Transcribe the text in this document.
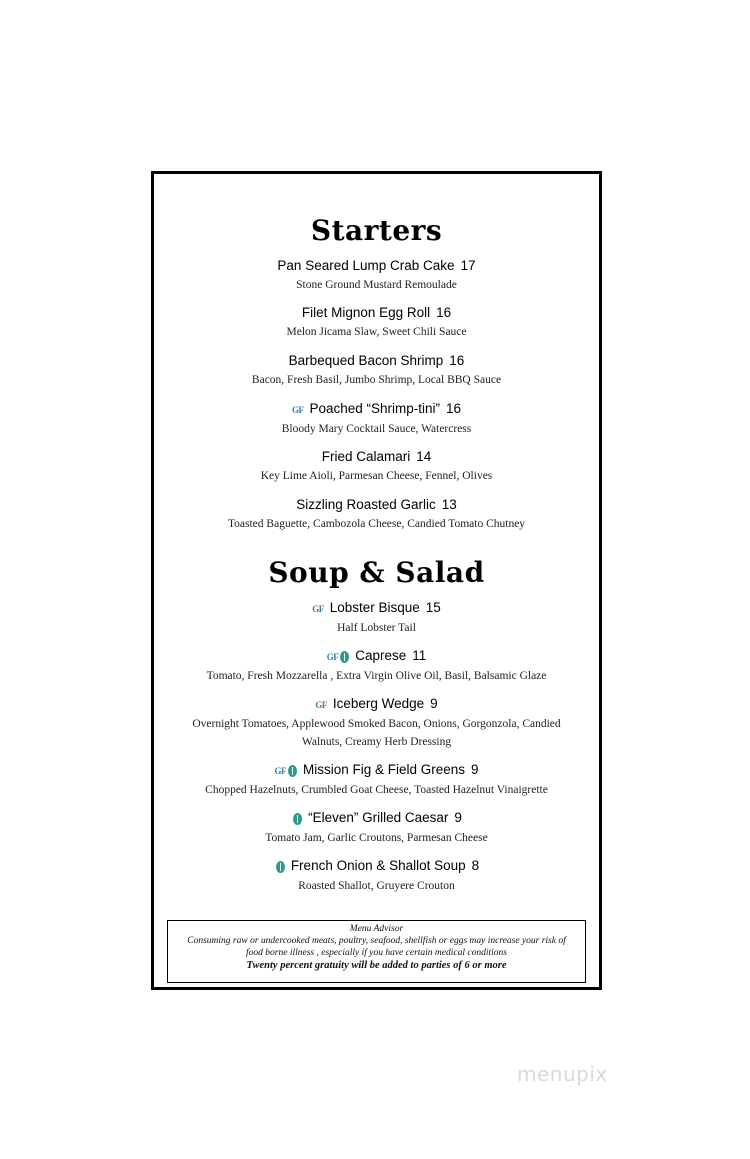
Starters
Pan Seared Lump Crab Cake 17
Stone Ground Mustard Remoulade
Filet Mignon Egg Roll 16
Melon Jicama Slaw, Sweet Chili Sauce
Barbequed Bacon Shrimp 16
Bacon, Fresh Basil, Jumbo Shrimp, Local BBQ Sauce
GF Poached “Shrimp-tini” 16
Bloody Mary Cocktail Sauce, Watercress
Fried Calamari 14
Key Lime Aioli, Parmesan Cheese, Fennel, Olives
Sizzling Roasted Garlic 13
Toasted Baguette, Cambozola Cheese, Candied Tomato Chutney
Soup & Salad
GF Lobster Bisque 15
Half Lobster Tail
GF Caprese 11
Tomato, Fresh Mozzarella , Extra Virgin Olive Oil, Basil, Balsamic Glaze
GF Iceberg Wedge 9
Overnight Tomatoes, Applewood Smoked Bacon, Onions, Gorgonzola, Candied Walnuts, Creamy Herb Dressing
GF Mission Fig & Field Greens 9
Chopped Hazelnuts, Crumbled Goat Cheese, Toasted Hazelnut Vinaigrette
“Eleven” Grilled Caesar 9
Tomato Jam, Garlic Croutons, Parmesan Cheese
French Onion & Shallot Soup 8
Roasted Shallot, Gruyere Crouton
Menu Advisor
Consuming raw or undercooked meats, poultry, seafood, shellfish or eggs may increase your risk of food borne illness , especially if you have certain medical conditions
Twenty percent gratuity will be added to parties of 6 or more
menupix
